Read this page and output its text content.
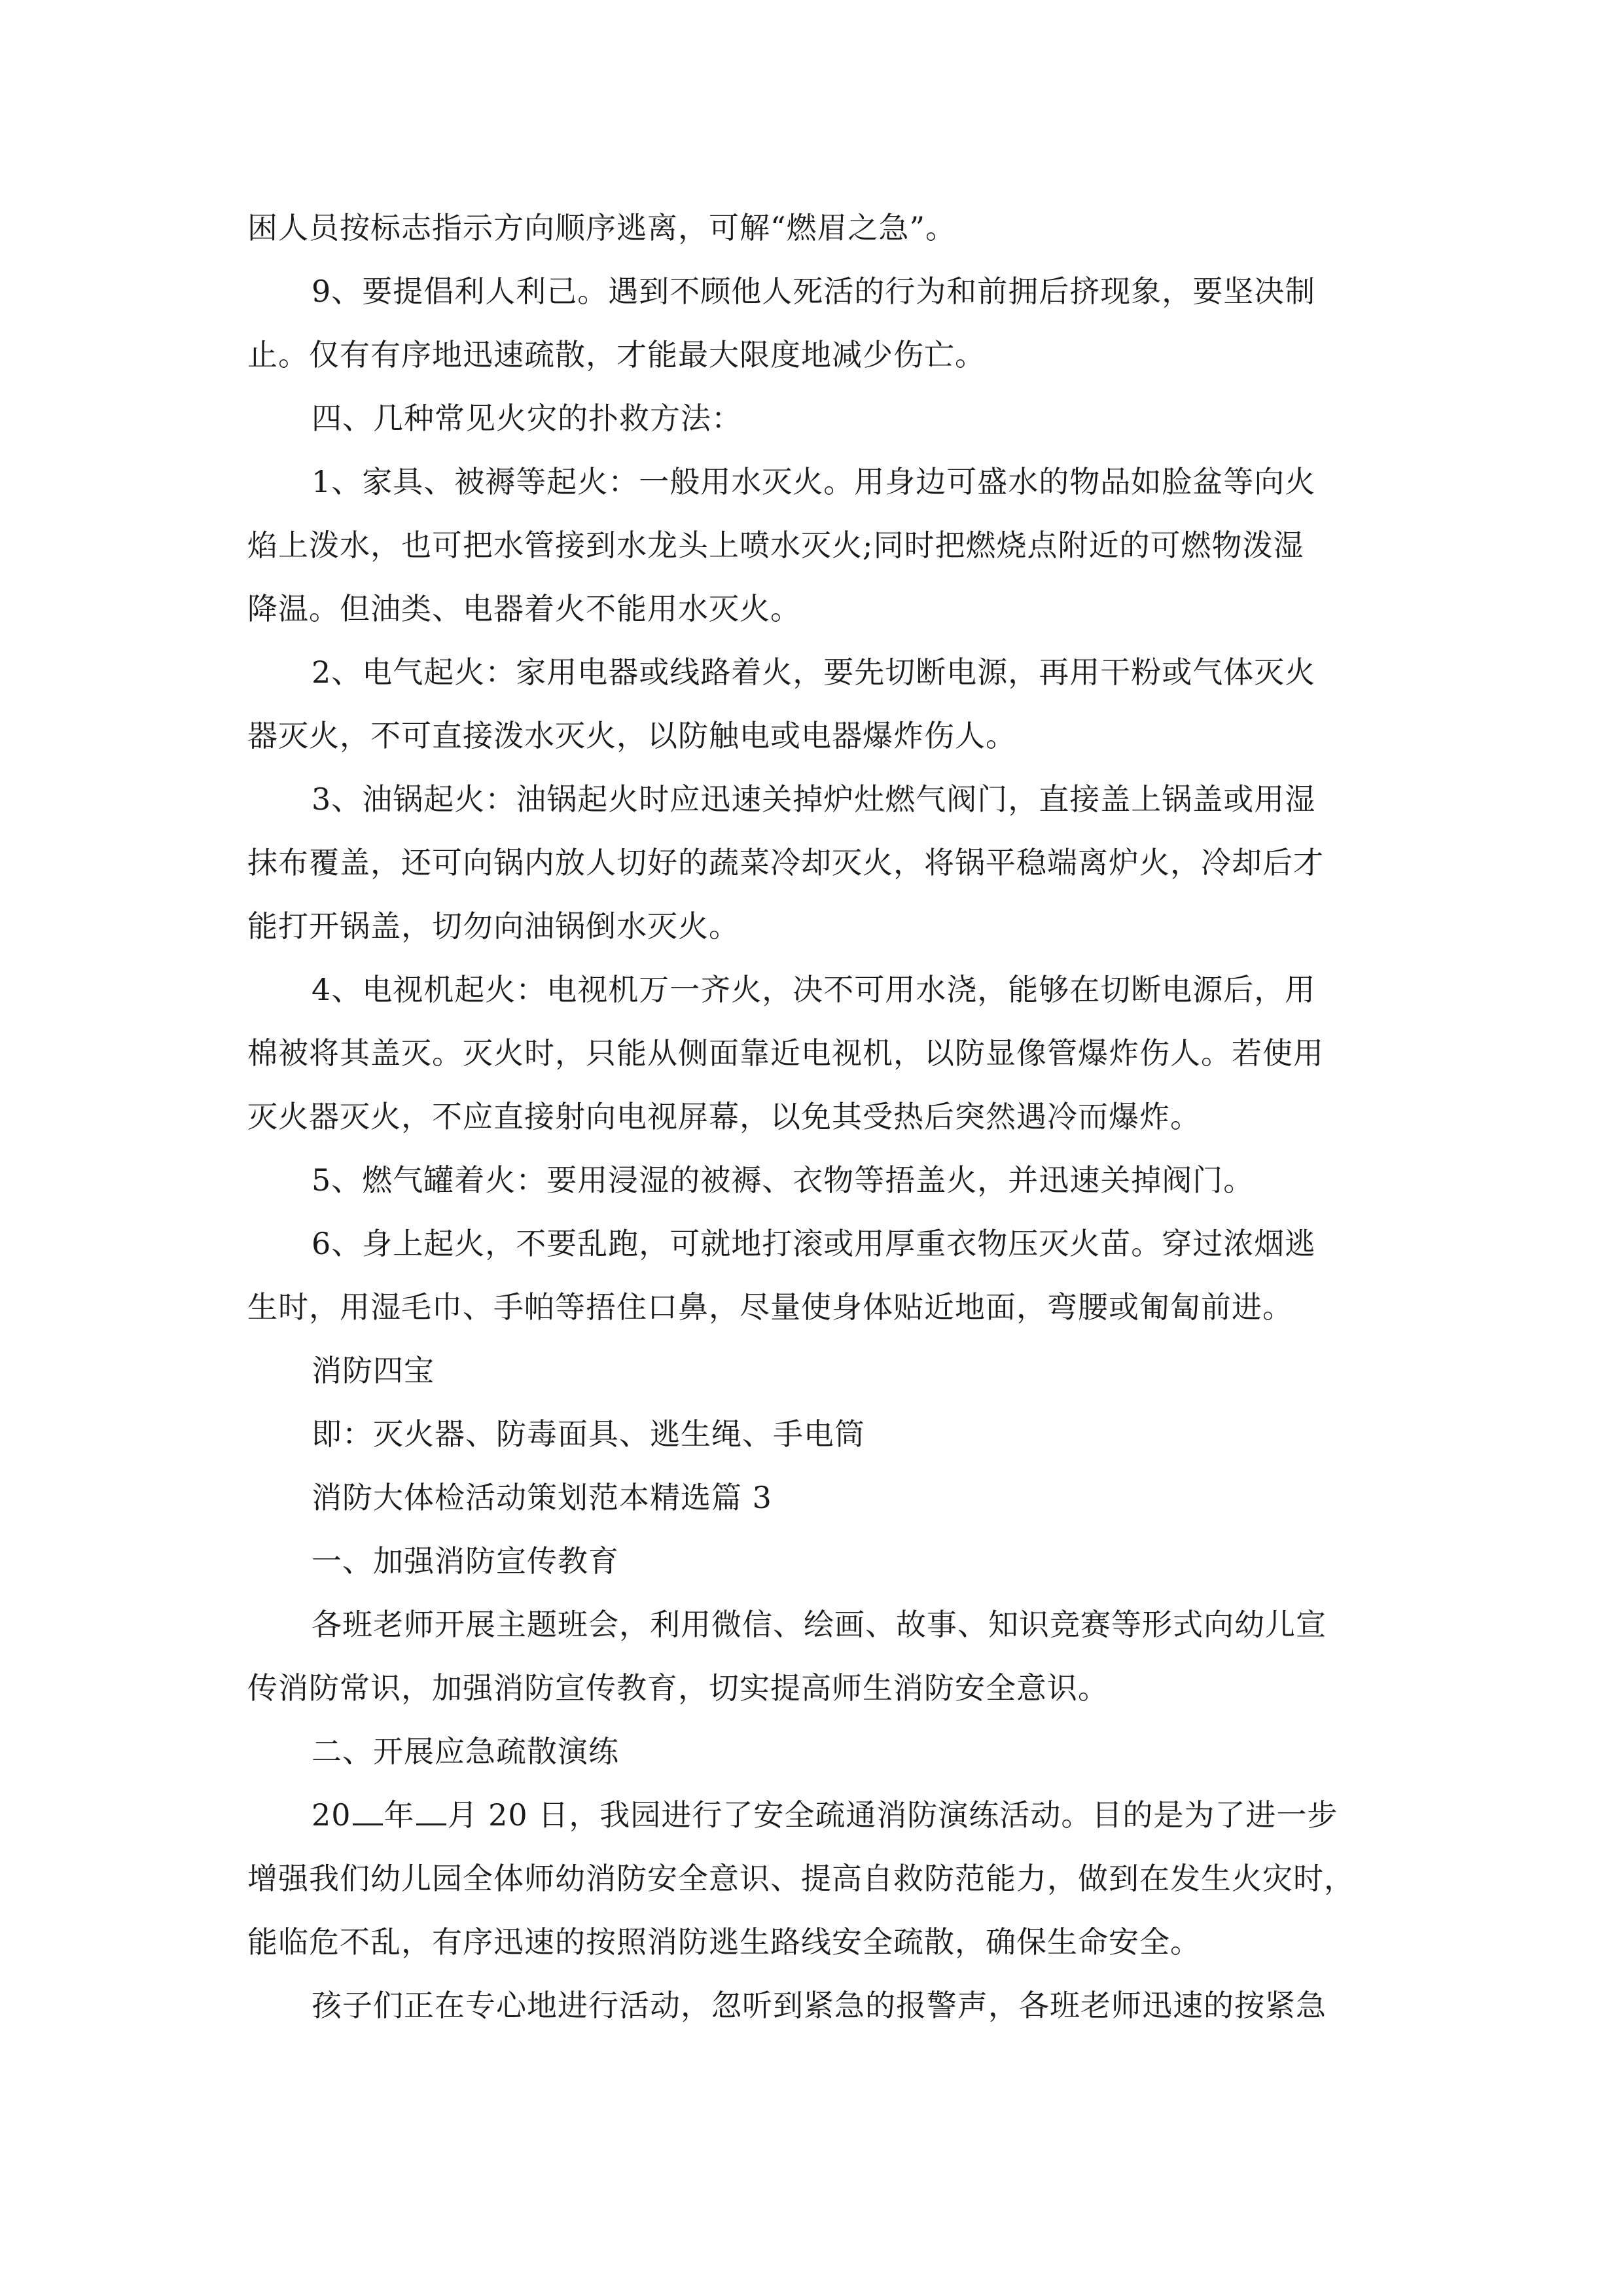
困人员按标志指示方向顺序逃离，可解“燃眉之急”。

9、要提倡利人利己。遇到不顾他人死活的行为和前拥后挤现象，要坚决制
止。仅有有序地迅速疏散，才能最大限度地减少伤亡。

四、几种常见火灾的扑救方法：

1、家具、被褥等起火：一般用水灭火。用身边可盛水的物品如脸盆等向火
焰上泼水，也可把水管接到水龙头上喷水灭火;同时把燃烧点附近的可燃物泼湿
降温。但油类、电器着火不能用水灭火。

2、电气起火：家用电器或线路着火，要先切断电源，再用干粉或气体灭火
器灭火，不可直接泼水灭火，以防触电或电器爆炸伤人。

3、油锅起火：油锅起火时应迅速关掉炉灶燃气阀门，直接盖上锅盖或用湿
抹布覆盖，还可向锅内放人切好的蔬菜冷却灭火，将锅平稳端离炉火，冷却后才
能打开锅盖，切勿向油锅倒水灭火。

4、电视机起火：电视机万一齐火，决不可用水浇，能够在切断电源后，用
棉被将其盖灭。灭火时，只能从侧面靠近电视机，以防显像管爆炸伤人。若使用
灭火器灭火，不应直接射向电视屏幕，以免其受热后突然遇冷而爆炸。

5、燃气罐着火：要用浸湿的被褥、衣物等捂盖火，并迅速关掉阀门。

6、身上起火，不要乱跑，可就地打滚或用厚重衣物压灭火苗。穿过浓烟逃
生时，用湿毛巾、手帕等捂住口鼻，尽量使身体贴近地面，弯腰或匍匐前进。

消防四宝

即：灭火器、防毒面具、逃生绳、手电筒

消防大体检活动策划范本精选篇 3

一、加强消防宣传教育

各班老师开展主题班会，利用微信、绘画、故事、知识竞赛等形式向幼儿宣
传消防常识，加强消防宣传教育，切实提高师生消防安全意识。

二、开展应急疏散演练

20 年 月 20 日，我园进行了安全疏通消防演练活动。目的是为了进一步
增强我们幼儿园全体师幼消防安全意识、提高自救防范能力，做到在发生火灾时，
能临危不乱，有序迅速的按照消防逃生路线安全疏散，确保生命安全。

孩子们正在专心地进行活动，忽听到紧急的报警声，各班老师迅速的按紧急
